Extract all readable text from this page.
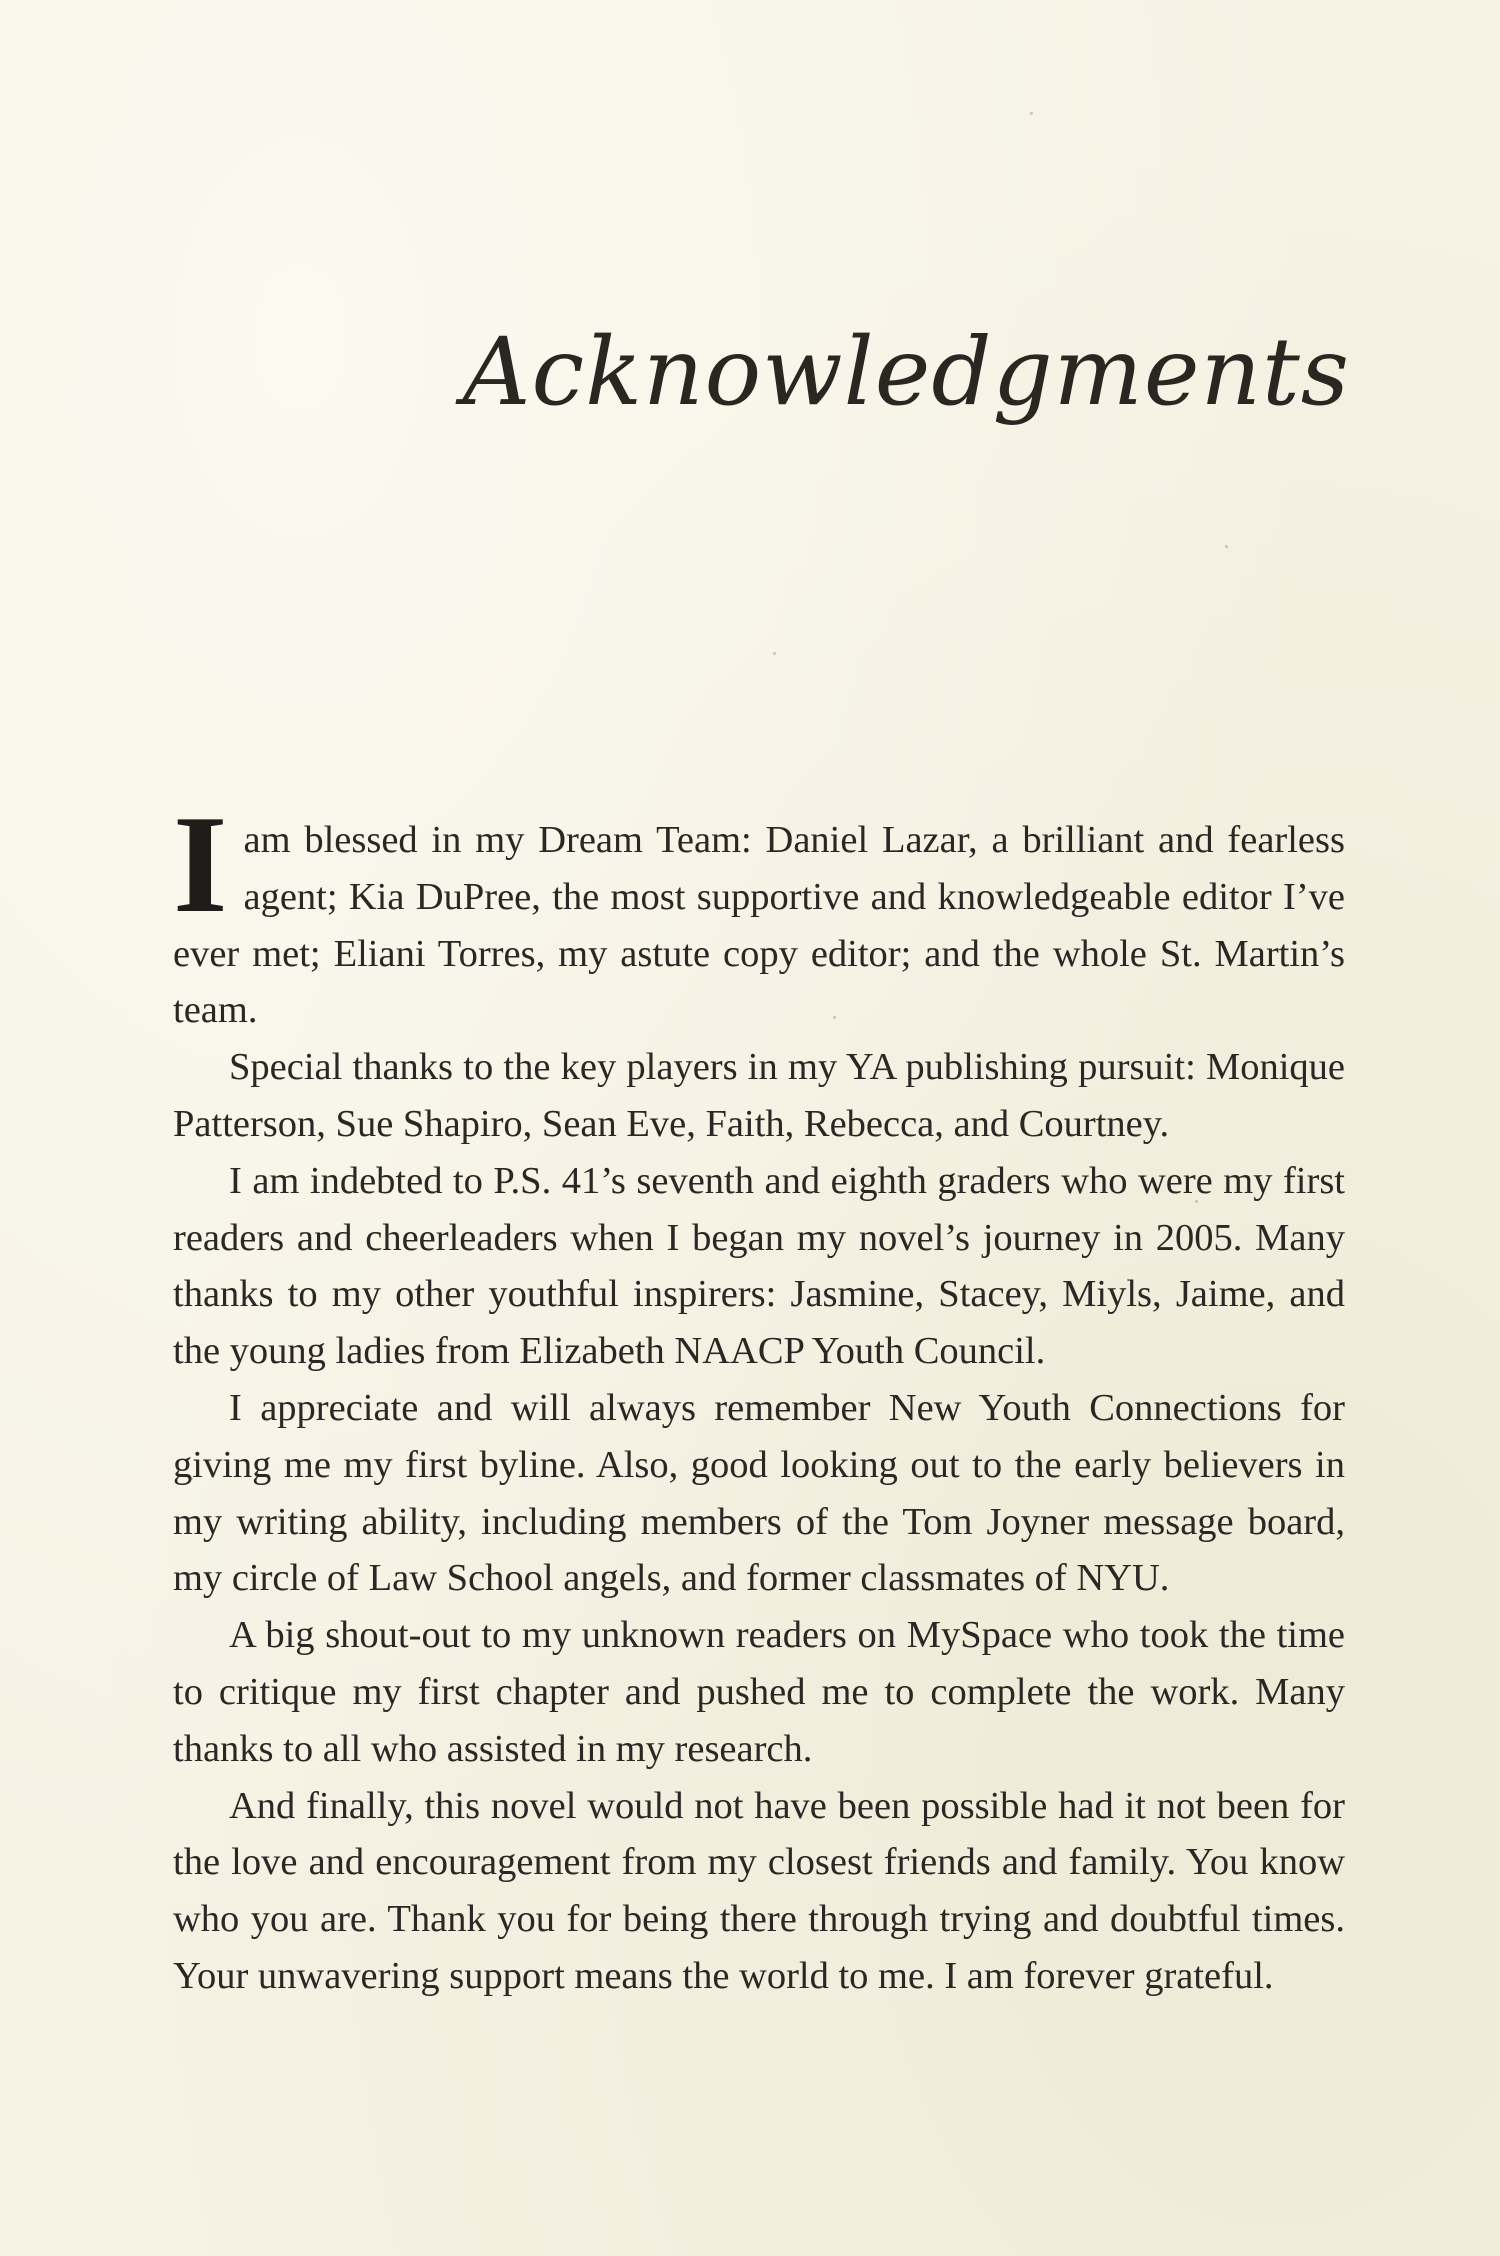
Acknowledgments

I am blessed in my Dream Team: Daniel Lazar, a brilliant and fearless agent; Kia DuPree, the most supportive and knowledgeable editor I’ve ever met; Eliani Torres, my astute copy editor; and the whole St. Martin’s team.

Special thanks to the key players in my YA publishing pursuit: Monique Patterson, Sue Shapiro, Sean Eve, Faith, Rebecca, and Courtney.

I am indebted to P.S. 41’s seventh and eighth graders who were my first readers and cheerleaders when I began my novel’s journey in 2005. Many thanks to my other youthful inspirers: Jasmine, Stacey, Miyls, Jaime, and the young ladies from Elizabeth NAACP Youth Council.

I appreciate and will always remember New Youth Connections for giving me my first byline. Also, good looking out to the early believers in my writing ability, including members of the Tom Joyner message board, my circle of Law School angels, and former classmates of NYU.

A big shout-out to my unknown readers on MySpace who took the time to critique my first chapter and pushed me to complete the work. Many thanks to all who assisted in my research.

And finally, this novel would not have been possible had it not been for the love and encouragement from my closest friends and family. You know who you are. Thank you for being there through trying and doubtful times. Your unwavering support means the world to me. I am forever grateful.
